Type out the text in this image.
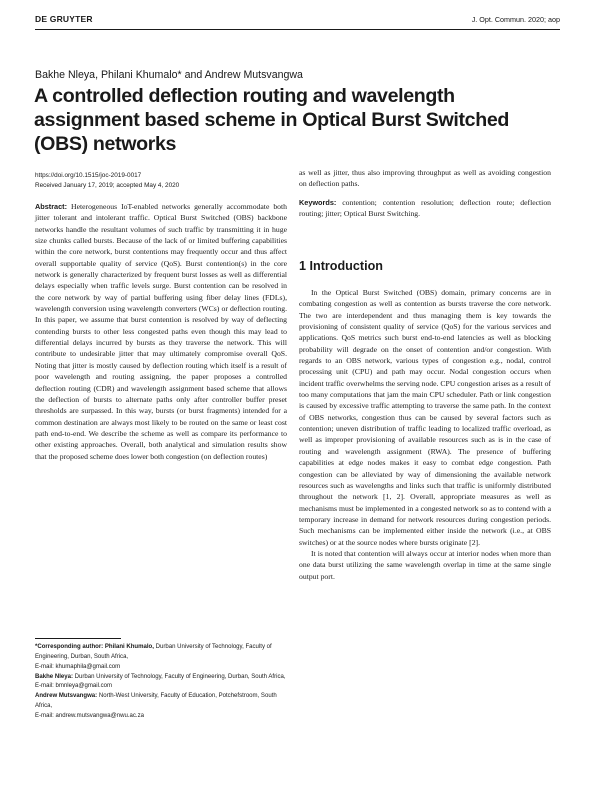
DE GRUYTER	J. Opt. Commun. 2020; aop
Bakhe Nleya, Philani Khumalo* and Andrew Mutsvangwa
A controlled deflection routing and wavelength assignment based scheme in Optical Burst Switched (OBS) networks
https://doi.org/10.1515/joc-2019-0017
Received January 17, 2019; accepted May 4, 2020

Abstract: Heterogeneous IoT-enabled networks generally accommodate both jitter tolerant and intolerant traffic. Optical Burst Switched (OBS) backbone networks handle the resultant volumes of such traffic by transmitting it in huge size chunks called bursts. Because of the lack of or limited buffering capabilities within the core network, burst contentions may frequently occur and thus affect overall supportable quality of service (QoS). Burst contention(s) in the core network is generally characterized by frequent burst losses as well as differential delays especially when traffic levels surge. Burst contention can be resolved in the core network by way of partial buffering using fiber delay lines (FDLs), wavelength conversion using wavelength converters (WCs) or deflection routing. In this paper, we assume that burst contention is resolved by way of deflecting contending bursts to other less congested paths even though this may lead to differential delays incurred by bursts as they traverse the network. This will contribute to undesirable jitter that may ultimately compromise overall QoS. Noting that jitter is mostly caused by deflection routing which itself is a result of poor wavelength and routing assigning, the paper proposes a controlled deflection routing (CDR) and wavelength assignment based scheme that allows the deflection of bursts to alternate paths only after controller buffer preset thresholds are surpassed. In this way, bursts (or burst fragments) intended for a common destination are always most likely to be routed on the same or least cost path end-to-end. We describe the scheme as well as compare its performance to other existing approaches. Overall, both analytical and simulation results show that the proposed scheme does lower both congestion (on deflection routes)

as well as jitter, thus also improving throughput as well as avoiding congestion on deflection paths.

Keywords: contention; contention resolution; deflection route; deflection routing; jitter; Optical Burst Switching.

1 Introduction

In the Optical Burst Switched (OBS) domain, primary concerns are in combating congestion as well as contention as bursts traverse the core network. The two are interdependent and thus managing them is key towards the provisioning of consistent quality of service (QoS) for the various services and applications. QoS metrics such burst end-to-end latencies as well as blocking probability will degrade on the onset of contention and/or congestion. With regards to an OBS network, various types of congestion e.g., nodal, control processing unit (CPU) and path may occur. Nodal congestion occurs when incident traffic overwhelms the serving node. CPU congestion arises as a result of too many computations that jam the main CPU scheduler. Path or link congestion is caused by excessive traffic attempting to traverse the same path. In the context of OBS networks, congestion thus can be caused by several factors such as contention; uneven distribution of traffic leading to localized traffic overload, as well as improper provisioning of available resources such as is in the case of routing and wavelength assignment (RWA). The presence of buffering capabilities at edge nodes makes it easy to combat edge congestion. Path congestion can be alleviated by way of dimensioning the available network resources such as wavelengths and links such that traffic is uniformly distributed throughout the network [1, 2]. Overall, appropriate measures as well as mechanisms must be implemented in a congested network so as to contend with a temporary increase in demand for network resources during congestion periods. Such mechanisms can be implemented either inside the network (i.e., at OBS switches) or at the source nodes where bursts originate [2].

It is noted that contention will always occur at interior nodes when more than one data burst utilizing the same wavelength overlap in time at the same single output port.

*Corresponding author: Philani Khumalo, Durban University of Technology, Faculty of Engineering, Durban, South Africa,

E-mail: khumaphila@gmail.com

Bakhe Nleya: Durban University of Technology, Faculty of Engineering, Durban, South Africa, E-mail: bmnleya@gmail.com

Andrew Mutsvangwa: North-West University, Faculty of Education, Potchefstroom, South Africa,

E-mail: andrew.mutsvangwa@nwu.ac.za
